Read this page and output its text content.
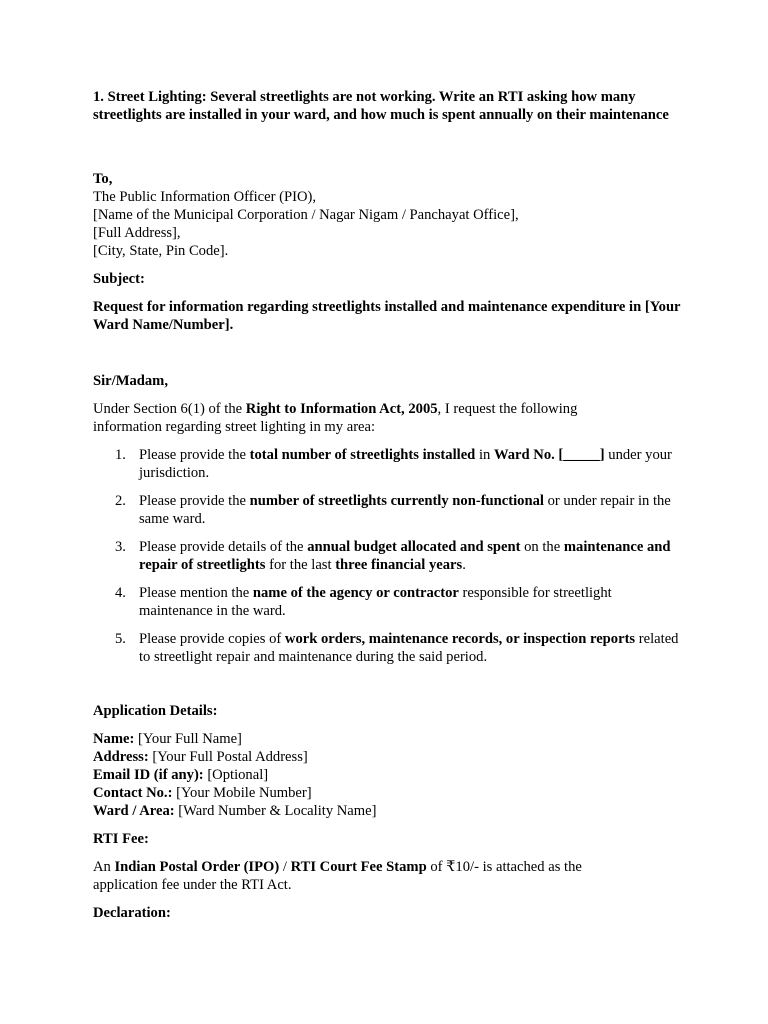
1. Street Lighting: Several streetlights are not working. Write an RTI asking how many streetlights are installed in your ward, and how much is spent annually on their maintenance

To,

The Public Information Officer (PIO),

[Name of the Municipal Corporation / Nagar Nigam / Panchayat Office],

[Full Address],

[City, State, Pin Code].

Subject:

Request for information regarding streetlights installed and maintenance expenditure in [Your Ward Name/Number].

Sir/Madam,

Under Section 6(1) of the Right to Information Act, 2005, I request the following information regarding street lighting in my area:

1. Please provide the total number of streetlights installed in Ward No. [_____] under your jurisdiction.
2. Please provide the number of streetlights currently non-functional or under repair in the same ward.
3. Please provide details of the annual budget allocated and spent on the maintenance and repair of streetlights for the last three financial years.
4. Please mention the name of the agency or contractor responsible for streetlight maintenance in the ward.
5. Please provide copies of work orders, maintenance records, or inspection reports related to streetlight repair and maintenance during the said period.

Application Details:

Name: [Your Full Name]

Address: [Your Full Postal Address]

Email ID (if any): [Optional]

Contact No.: [Your Mobile Number]

Ward / Area: [Ward Number & Locality Name]

RTI Fee:

An Indian Postal Order (IPO) / RTI Court Fee Stamp of ₹10/- is attached as the application fee under the RTI Act.

Declaration:
